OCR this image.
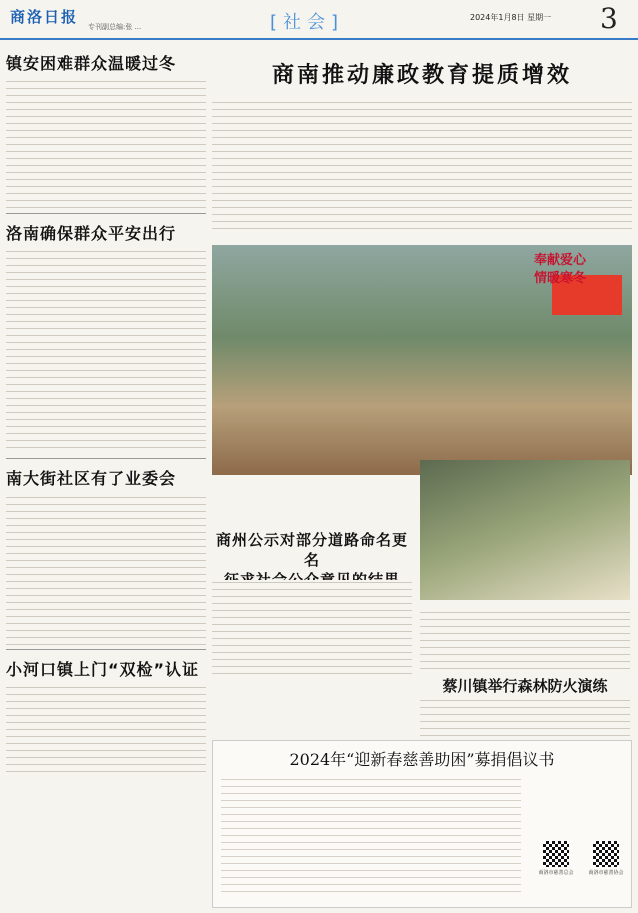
商洛日报
专刊副总编:张 ...	[社会]	2024年1月8日 星期一 3
镇安困难群众温暖过冬
洛南确保群众平安出行
南大街社区有了业委会
小河口镇上门“双检”认证
商南推动廉政教育提质增效
奉献爱心
情暖寒冬
商州公示对部分道路命名更名
蔡川镇举行森林防火演练
2024年“迎新春慈善助困”募捐倡议书
商洛市慈善总会	商洛市慈善协会
